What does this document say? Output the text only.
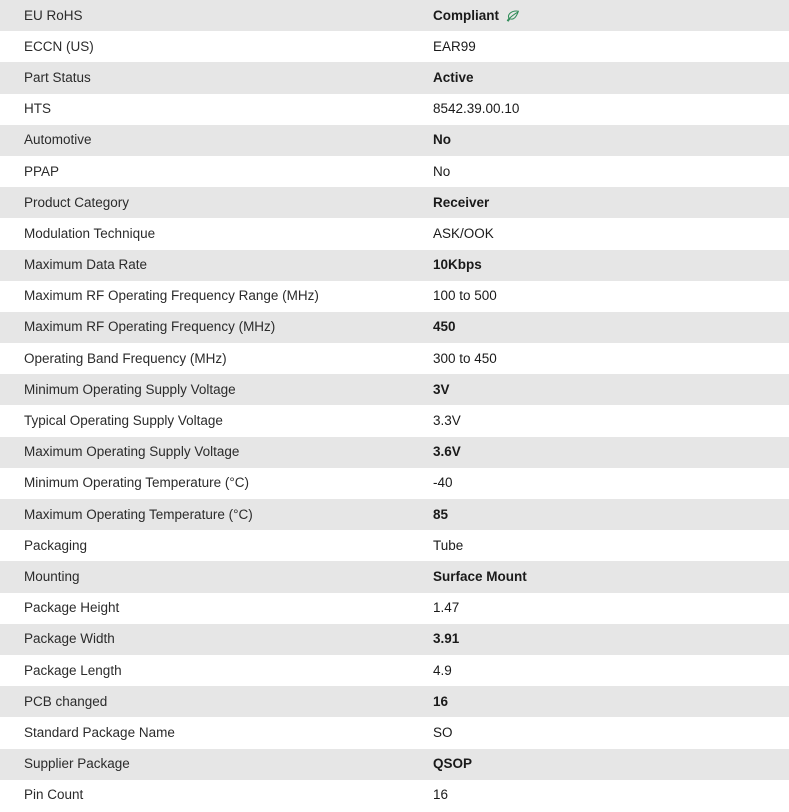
EU RoHS	Compliant

ECCN (US)	EAR99
Part Status	Active
HTS	8542.39.00.10
Automotive	No
PPAP	No
Product Category	Receiver
Modulation Technique	ASK/OOK
Maximum Data Rate	10Kbps
Maximum RF Operating Frequency Range (MHz)	100 to 500
Maximum RF Operating Frequency (MHz)	450
Operating Band Frequency (MHz)	300 to 450
Minimum Operating Supply Voltage	3V
Typical Operating Supply Voltage	3.3V
Maximum Operating Supply Voltage	3.6V
Minimum Operating Temperature (°C)	-40
Maximum Operating Temperature (°C)	85
Packaging	Tube
Mounting	Surface Mount
Package Height	1.47
Package Width	3.91
Package Length	4.9
PCB changed	16
Standard Package Name	SO
Supplier Package	QSOP
Pin Count	16
